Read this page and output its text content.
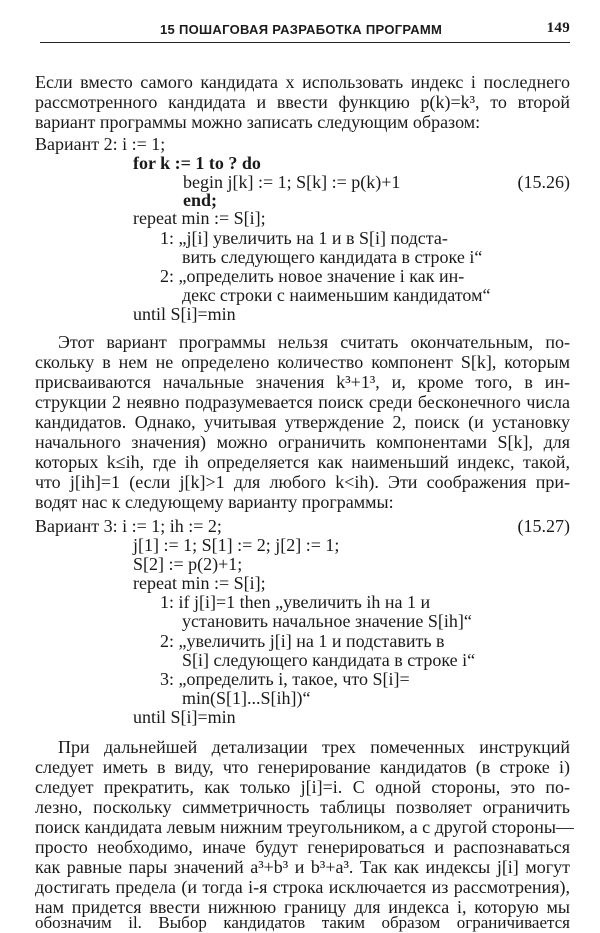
15 ПОШАГОВАЯ РАЗРАБОТКА ПРОГРАММ	149
Если вместо самого кандидата x использовать индекс i последнего
рассмотренного кандидата и ввести функцию p(k)=k³, то второй
вариант программы можно записать следующим образом:
Вариант 2: i := 1;
for k := 1 to ? do
begin j[k] := 1; S[k] := p(k)+1	(15.26)
end;
repeat min := S[i];
1: „j[i] увеличить на 1 и в S[i] подста-
вить следующего кандидата в строке i“
2: „определить новое значение i как ин-
декс строки с наименьшим кандидатом“
until S[i]=min
Этот вариант программы нельзя считать окончательным, по-
скольку в нем не определено количество компонент S[k], которым
присваиваются начальные значения k³+1³, и, кроме того, в ин-
струкции 2 неявно подразумевается поиск среди бесконечного числа
кандидатов. Однако, учитывая утверждение 2, поиск (и установку
начального значения) можно ограничить компонентами S[k], для
которых k≤ih, где ih определяется как наименьший индекс, такой,
что j[ih]=1 (если j[k]>1 для любого k<ih). Эти соображения при-
водят нас к следующему варианту программы:
Вариант 3: i := 1; ih := 2;	(15.27)
j[1] := 1; S[1] := 2; j[2] := 1;
S[2] := p(2)+1;
repeat min := S[i];
1: if j[i]=1 then „увеличить ih на 1 и
установить начальное значение S[ih]“
2: „увеличить j[i] на 1 и подставить в
S[i] следующего кандидата в строке i“
3: „определить i, такое, что S[i]=
min(S[1]...S[ih])“
until S[i]=min
При дальнейшей детализации трех помеченных инструкций
следует иметь в виду, что генерирование кандидатов (в строке i)
следует прекратить, как только j[i]=i. С одной стороны, это по-
лезно, поскольку симметричность таблицы позволяет ограничить
поиск кандидата левым нижним треугольником, а с другой стороны—
просто необходимо, иначе будут генерироваться и распознаваться
как равные пары значений a³+b³ и b³+a³. Так как индексы j[i] могут
достигать предела (и тогда i-я строка исключается из рассмотрения),
нам придется ввести нижнюю границу для индекса i, которую мы
обозначим il. Выбор кандидатов таким образом ограничивается
